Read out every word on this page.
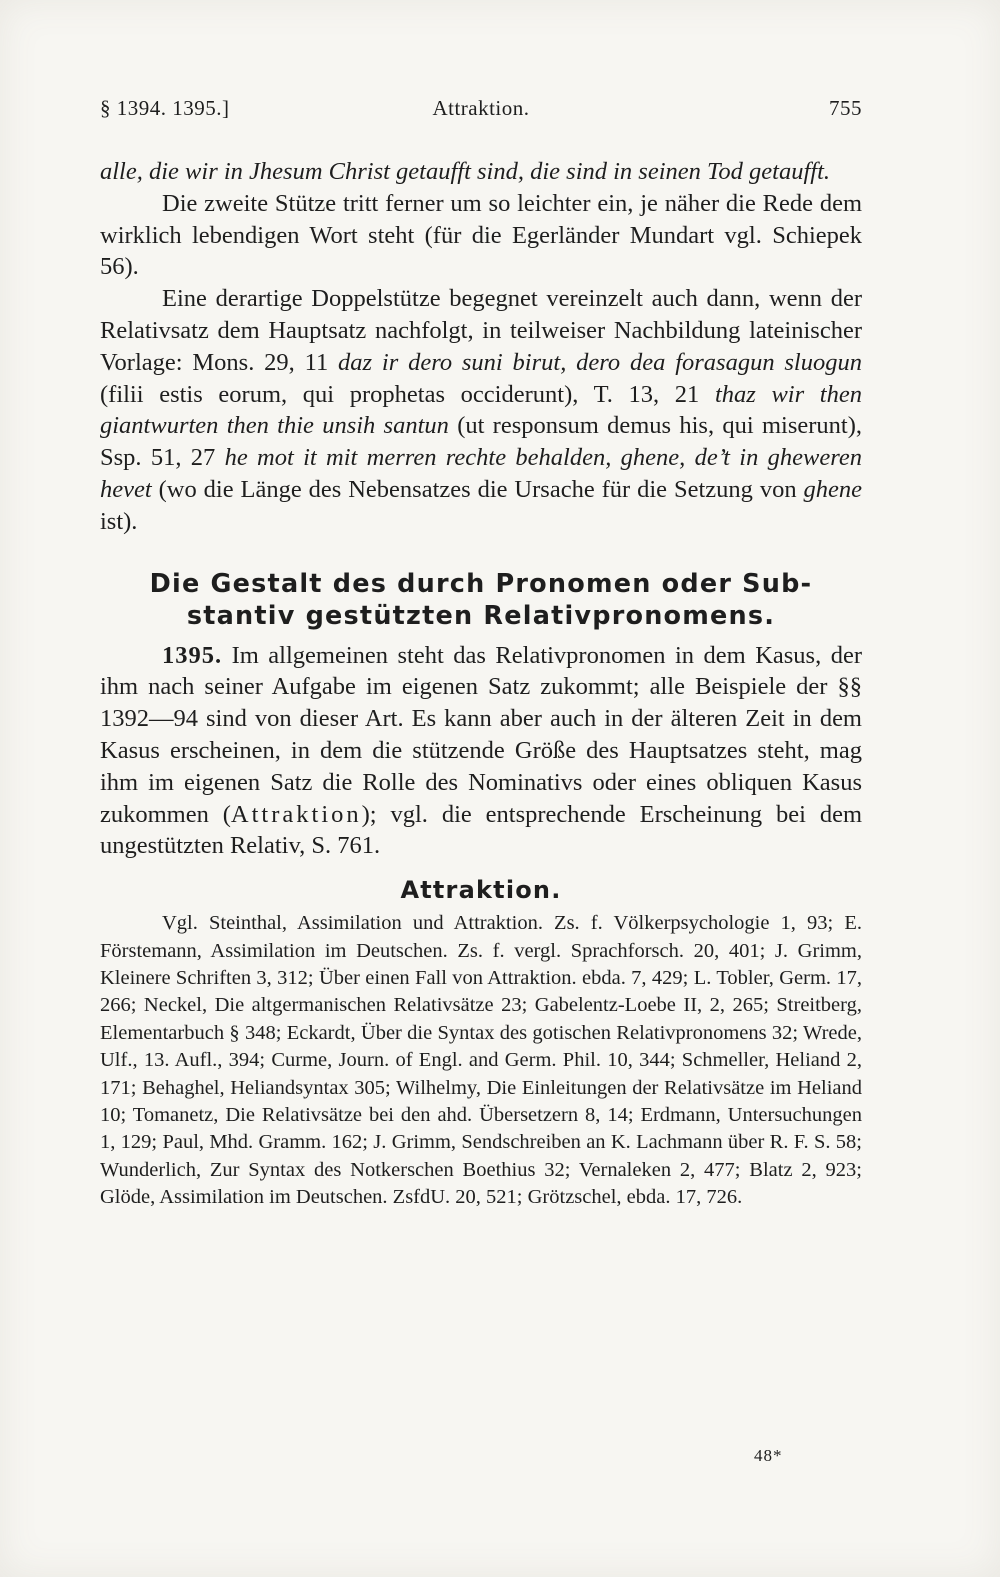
§ 1394. 1395.]	Attraktion.	755

alle, die wir in Jhesum Christ getaufft sind, die sind in seinen Tod getaufft.

Die zweite Stütze tritt ferner um so leichter ein, je näher die Rede dem wirklich lebendigen Wort steht (für die Egerländer Mundart vgl. Schiepek 56).

Eine derartige Doppelstütze begegnet vereinzelt auch dann, wenn der Relativsatz dem Hauptsatz nachfolgt, in teilweiser Nachbildung lateinischer Vorlage: Mons. 29, 11 daz ir dero suni birut, dero dea forasagun sluogun (filii estis eorum, qui prophetas occiderunt), T. 13, 21 thaz wir then giantwurten then thie unsih santun (ut responsum demus his, qui miserunt), Ssp. 51, 27 he mot it mit merren rechte behalden, ghene, de’t in gheweren hevet (wo die Länge des Nebensatzes die Ursache für die Setzung von ghene ist).

Die Gestalt des durch Pronomen oder Sub-
stantiv gestützten Relativpronomens.

1395. Im allgemeinen steht das Relativpronomen in dem Kasus, der ihm nach seiner Aufgabe im eigenen Satz zukommt; alle Beispiele der §§ 1392—94 sind von dieser Art. Es kann aber auch in der älteren Zeit in dem Kasus erscheinen, in dem die stützende Größe des Hauptsatzes steht, mag ihm im eigenen Satz die Rolle des Nominativs oder eines obliquen Kasus zukommen (Attraktion); vgl. die entsprechende Erscheinung bei dem ungestützten Relativ, S. 761.

Attraktion.

Vgl. Steinthal, Assimilation und Attraktion. Zs. f. Völkerpsychologie 1, 93; E. Förstemann, Assimilation im Deutschen. Zs. f. vergl. Sprachforsch. 20, 401; J. Grimm, Kleinere Schriften 3, 312; Über einen Fall von Attraktion. ebda. 7, 429; L. Tobler, Germ. 17, 266; Neckel, Die altgermanischen Relativsätze 23; Gabelentz-Loebe II, 2, 265; Streitberg, Elementarbuch § 348; Eckardt, Über die Syntax des gotischen Relativpronomens 32; Wrede, Ulf., 13. Aufl., 394; Curme, Journ. of Engl. and Germ. Phil. 10, 344; Schmeller, Heliand 2, 171; Behaghel, Heliandsyntax 305; Wilhelmy, Die Einleitungen der Relativsätze im Heliand 10; Tomanetz, Die Relativsätze bei den ahd. Übersetzern 8, 14; Erdmann, Untersuchungen 1, 129; Paul, Mhd. Gramm. 162; J. Grimm, Sendschreiben an K. Lachmann über R. F. S. 58; Wunderlich, Zur Syntax des Notkerschen Boethius 32; Vernaleken 2, 477; Blatz 2, 923; Glöde, Assimilation im Deutschen. ZsfdU. 20, 521; Grötzschel, ebda. 17, 726.

48*
